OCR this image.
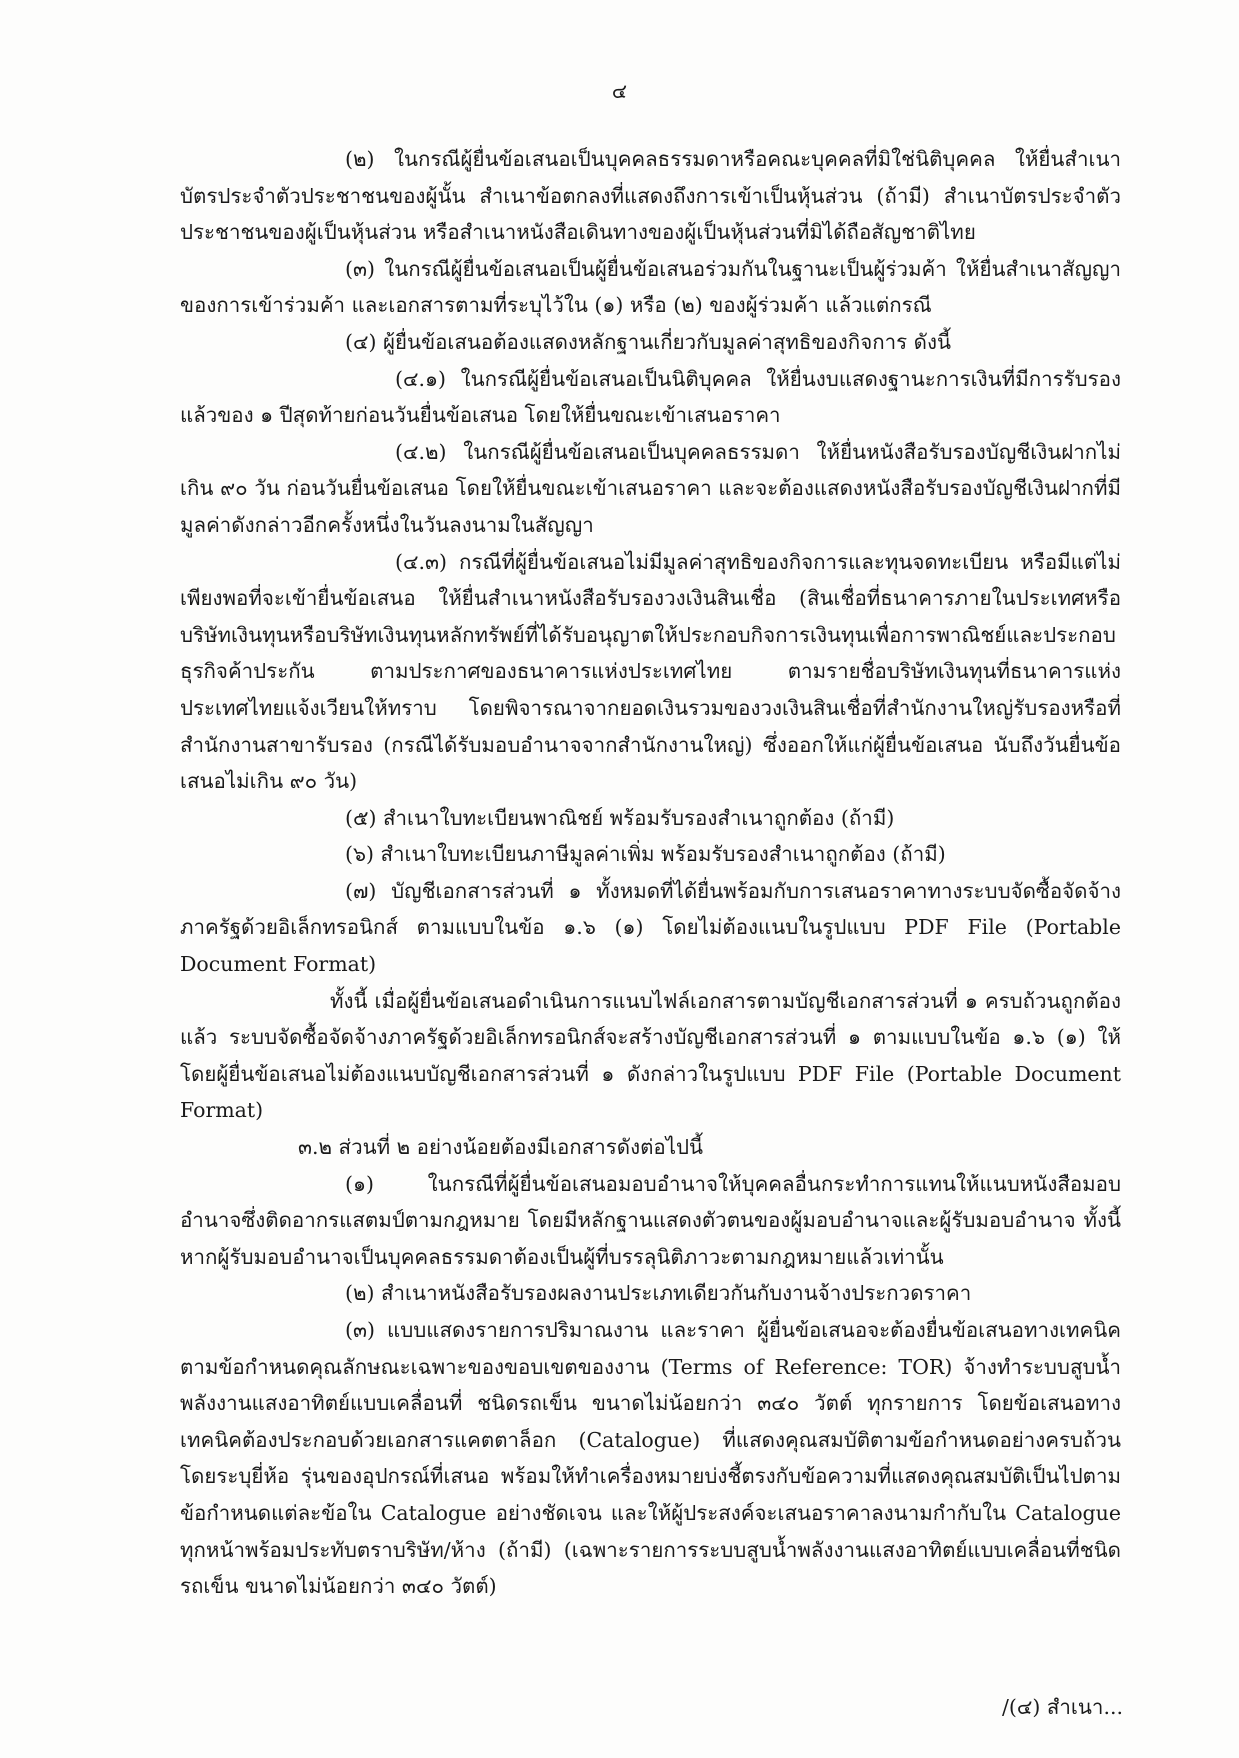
๔

(๒) ในกรณีผู้ยื่นข้อเสนอเป็นบุคคลธรรมดาหรือคณะบุคคลที่มิใช่นิติบุคคล ให้ยื่นสำเนาบัตรประจำตัวประชาชนของผู้นั้น สำเนาข้อตกลงที่แสดงถึงการเข้าเป็นหุ้นส่วน (ถ้ามี) สำเนาบัตรประจำตัวประชาชนของผู้เป็นหุ้นส่วน หรือสำเนาหนังสือเดินทางของผู้เป็นหุ้นส่วนที่มิได้ถือสัญชาติไทย

(๓) ในกรณีผู้ยื่นข้อเสนอเป็นผู้ยื่นข้อเสนอร่วมกันในฐานะเป็นผู้ร่วมค้า ให้ยื่นสำเนาสัญญาของการเข้าร่วมค้า และเอกสารตามที่ระบุไว้ใน (๑) หรือ (๒) ของผู้ร่วมค้า แล้วแต่กรณี

(๔) ผู้ยื่นข้อเสนอต้องแสดงหลักฐานเกี่ยวกับมูลค่าสุทธิของกิจการ ดังนี้

(๔.๑) ในกรณีผู้ยื่นข้อเสนอเป็นนิติบุคคล ให้ยื่นงบแสดงฐานะการเงินที่มีการรับรองแล้วของ ๑ ปีสุดท้ายก่อนวันยื่นข้อเสนอ โดยให้ยื่นขณะเข้าเสนอราคา

(๔.๒) ในกรณีผู้ยื่นข้อเสนอเป็นบุคคลธรรมดา ให้ยื่นหนังสือรับรองบัญชีเงินฝากไม่เกิน ๙๐ วัน ก่อนวันยื่นข้อเสนอ โดยให้ยื่นขณะเข้าเสนอราคา และจะต้องแสดงหนังสือรับรองบัญชีเงินฝากที่มีมูลค่าดังกล่าวอีกครั้งหนึ่งในวันลงนามในสัญญา

(๔.๓) กรณีที่ผู้ยื่นข้อเสนอไม่มีมูลค่าสุทธิของกิจการและทุนจดทะเบียน หรือมีแต่ไม่เพียงพอที่จะเข้ายื่นข้อเสนอ ให้ยื่นสำเนาหนังสือรับรองวงเงินสินเชื่อ (สินเชื่อที่ธนาคารภายในประเทศหรือบริษัทเงินทุนหรือบริษัทเงินทุนหลักทรัพย์ที่ได้รับอนุญาตให้ประกอบกิจการเงินทุนเพื่อการพาณิชย์และประกอบธุรกิจค้าประกัน ตามประกาศของธนาคารแห่งประเทศไทย ตามรายชื่อบริษัทเงินทุนที่ธนาคารแห่งประเทศไทยแจ้งเวียนให้ทราบ โดยพิจารณาจากยอดเงินรวมของวงเงินสินเชื่อที่สำนักงานใหญ่รับรองหรือที่สำนักงานสาขารับรอง (กรณีได้รับมอบอำนาจจากสำนักงานใหญ่) ซึ่งออกให้แก่ผู้ยื่นข้อเสนอ นับถึงวันยื่นข้อเสนอไม่เกิน ๙๐ วัน)

(๕) สำเนาใบทะเบียนพาณิชย์ พร้อมรับรองสำเนาถูกต้อง (ถ้ามี)

(๖) สำเนาใบทะเบียนภาษีมูลค่าเพิ่ม พร้อมรับรองสำเนาถูกต้อง (ถ้ามี)

(๗) บัญชีเอกสารส่วนที่ ๑ ทั้งหมดที่ได้ยื่นพร้อมกับการเสนอราคาทางระบบจัดซื้อจัดจ้างภาครัฐด้วยอิเล็กทรอนิกส์ ตามแบบในข้อ ๑.๖ (๑) โดยไม่ต้องแนบในรูปแบบ PDF File (Portable Document Format)

ทั้งนี้ เมื่อผู้ยื่นข้อเสนอดำเนินการแนบไฟล์เอกสารตามบัญชีเอกสารส่วนที่ ๑ ครบถ้วนถูกต้องแล้ว ระบบจัดซื้อจัดจ้างภาครัฐด้วยอิเล็กทรอนิกส์จะสร้างบัญชีเอกสารส่วนที่ ๑ ตามแบบในข้อ ๑.๖ (๑) ให้โดยผู้ยื่นข้อเสนอไม่ต้องแนบบัญชีเอกสารส่วนที่ ๑ ดังกล่าวในรูปแบบ PDF File (Portable Document Format)

๓.๒ ส่วนที่ ๒ อย่างน้อยต้องมีเอกสารดังต่อไปนี้

(๑) ในกรณีที่ผู้ยื่นข้อเสนอมอบอำนาจให้บุคคลอื่นกระทำการแทนให้แนบหนังสือมอบอำนาจซึ่งติดอากรแสตมป์ตามกฎหมาย โดยมีหลักฐานแสดงตัวตนของผู้มอบอำนาจและผู้รับมอบอำนาจ ทั้งนี้ หากผู้รับมอบอำนาจเป็นบุคคลธรรมดาต้องเป็นผู้ที่บรรลุนิติภาวะตามกฎหมายแล้วเท่านั้น

(๒) สำเนาหนังสือรับรองผลงานประเภทเดียวกันกับงานจ้างประกวดราคา

(๓) แบบแสดงรายการปริมาณงาน และราคา ผู้ยื่นข้อเสนอจะต้องยื่นข้อเสนอทางเทคนิค ตามข้อกำหนดคุณลักษณะเฉพาะของขอบเขตของงาน (Terms of Reference: TOR) จ้างทำระบบสูบน้ำพลังงานแสงอาทิตย์แบบเคลื่อนที่ ชนิดรถเข็น ขนาดไม่น้อยกว่า ๓๔๐ วัตต์ ทุกรายการ โดยข้อเสนอทางเทคนิคต้องประกอบด้วยเอกสารแคตตาล็อก (Catalogue) ที่แสดงคุณสมบัติตามข้อกำหนดอย่างครบถ้วน โดยระบุยี่ห้อ รุ่นของอุปกรณ์ที่เสนอ พร้อมให้ทำเครื่องหมายบ่งชี้ตรงกับข้อความที่แสดงคุณสมบัติเป็นไปตามข้อกำหนดแต่ละข้อใน Catalogue อย่างชัดเจน และให้ผู้ประสงค์จะเสนอราคาลงนามกำกับใน Catalogue ทุกหน้าพร้อมประทับตราบริษัท/ห้าง (ถ้ามี) (เฉพาะรายการระบบสูบน้ำพลังงานแสงอาทิตย์แบบเคลื่อนที่ชนิดรถเข็น ขนาดไม่น้อยกว่า ๓๔๐ วัตต์)

/(๔) สำเนา...
